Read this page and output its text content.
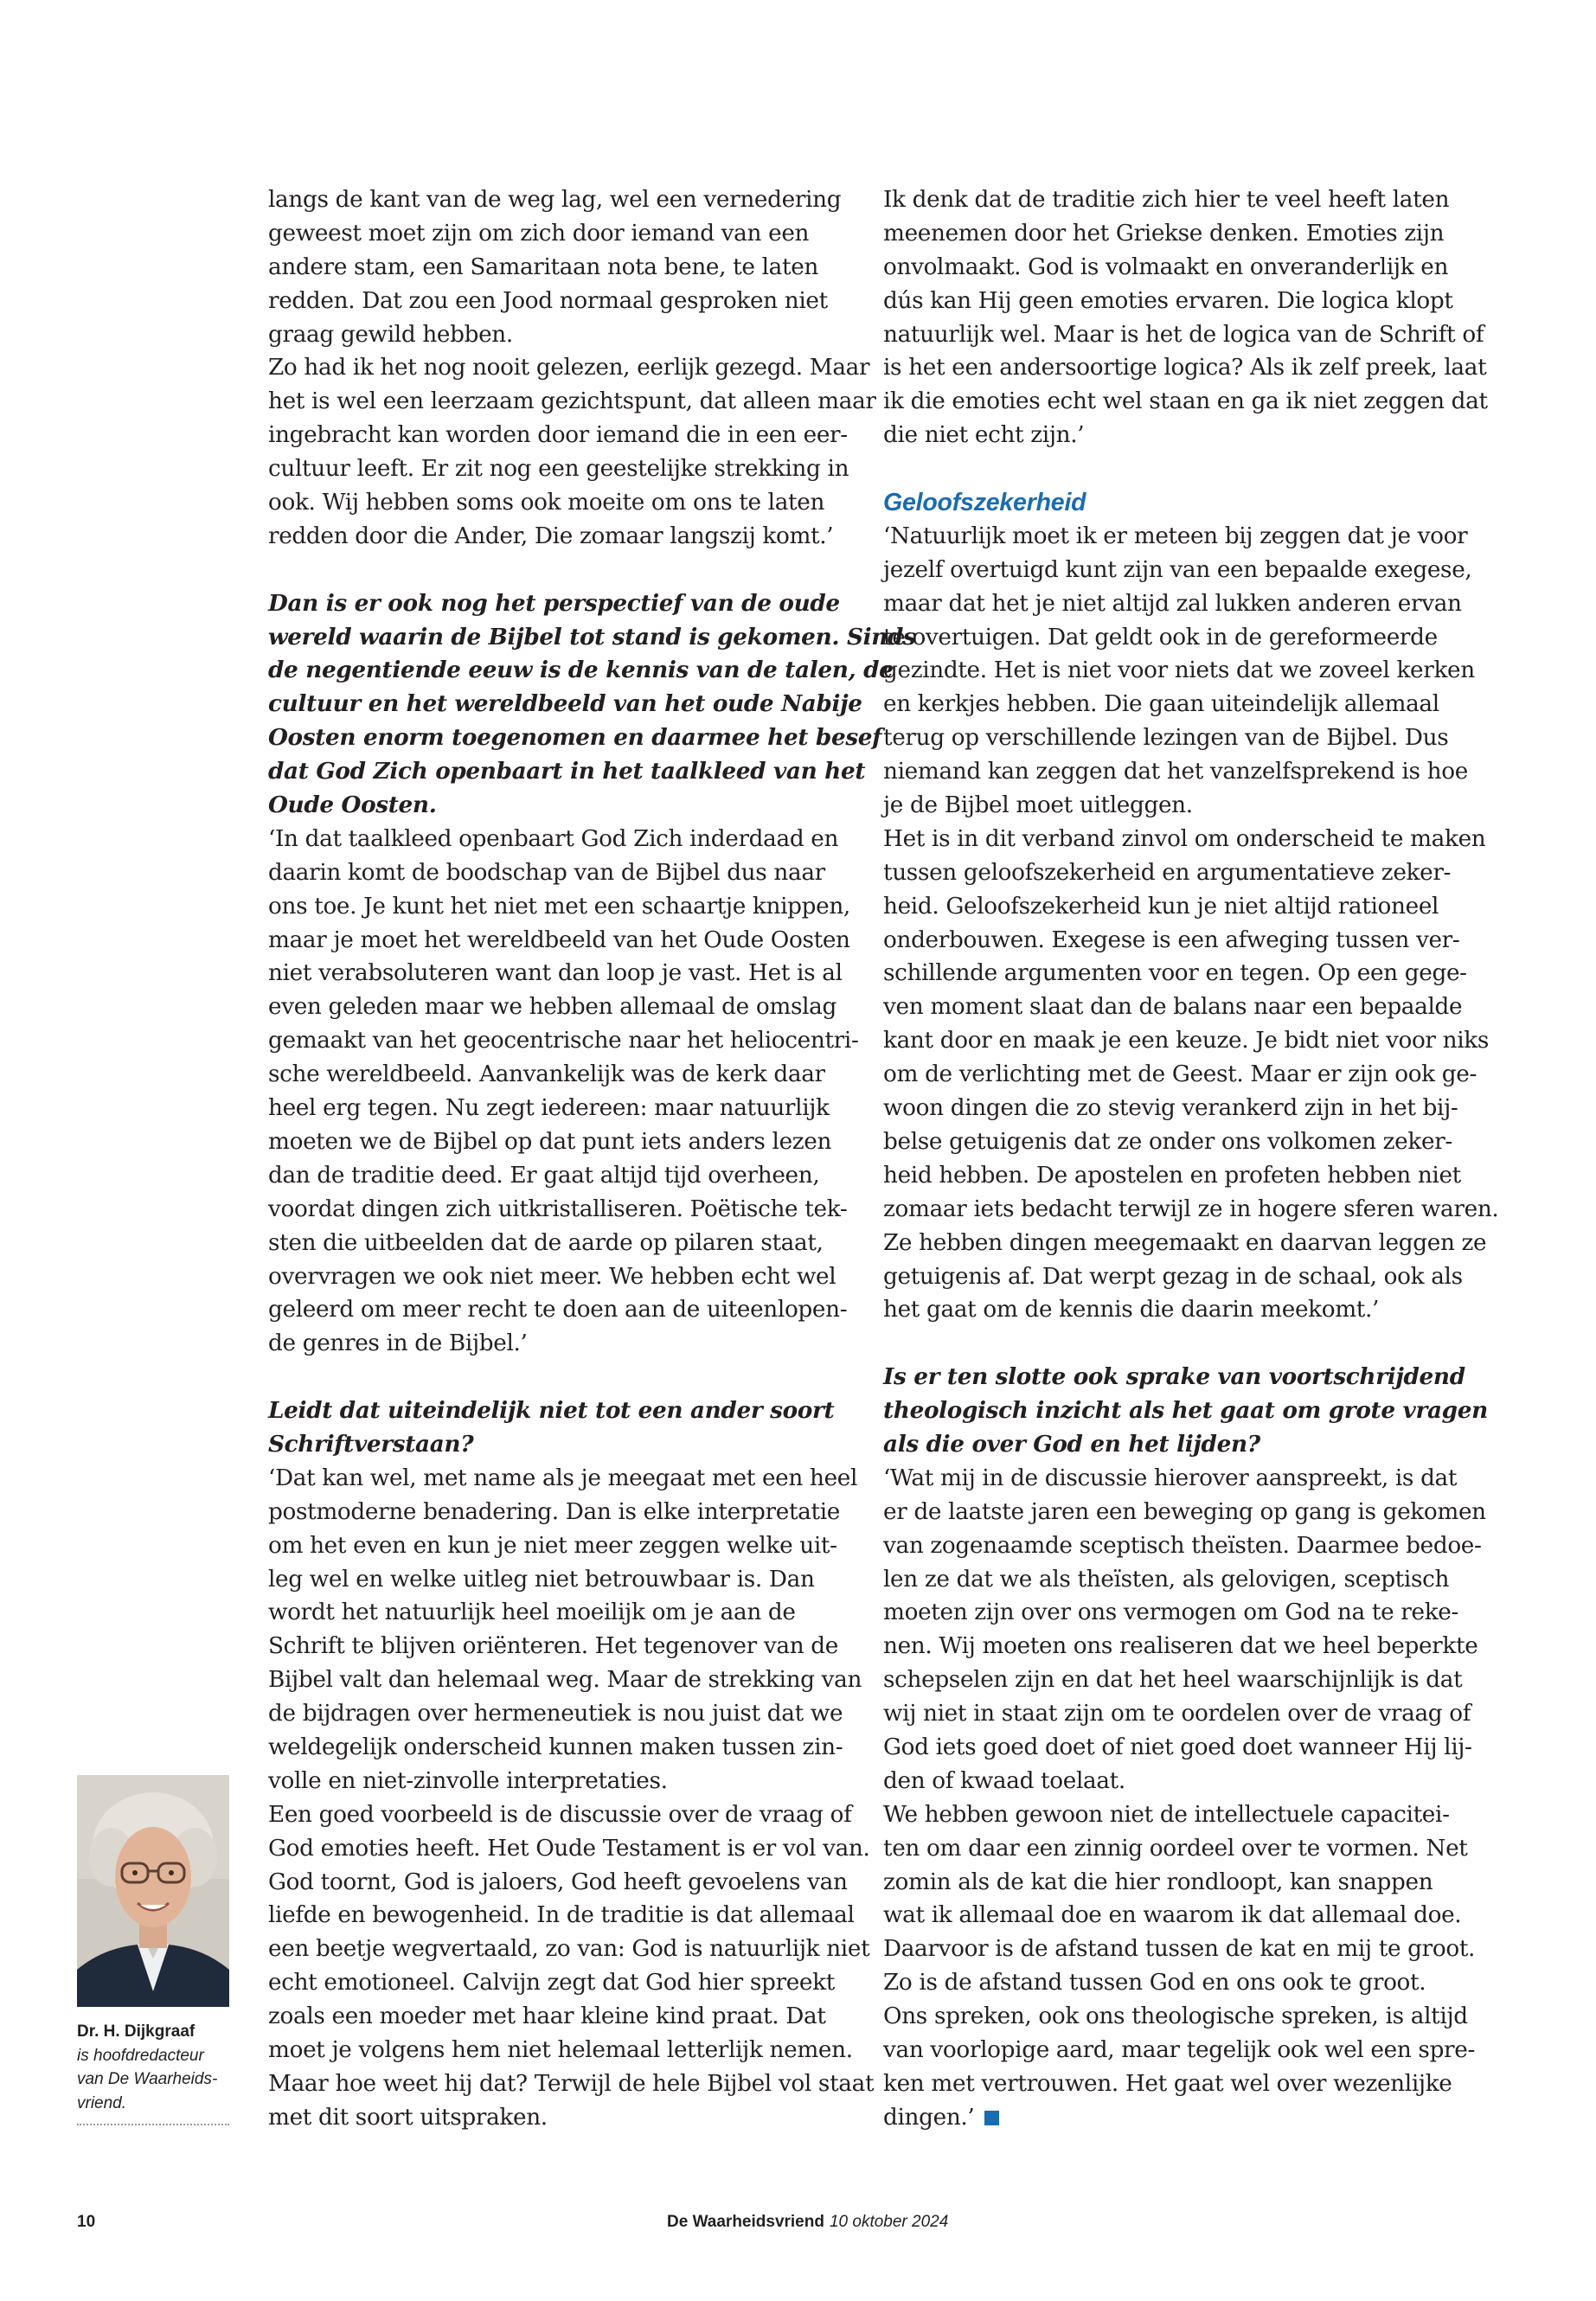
langs de kant van de weg lag, wel een vernedering
geweest moet zijn om zich door iemand van een
andere stam, een Samaritaan nota bene, te laten
redden. Dat zou een Jood normaal gesproken niet
graag gewild hebben.
Zo had ik het nog nooit gelezen, eerlijk gezegd. Maar
het is wel een leerzaam gezichtspunt, dat alleen maar
ingebracht kan worden door iemand die in een eer-
cultuur leeft. Er zit nog een geestelijke strekking in
ook. Wij hebben soms ook moeite om ons te laten
redden door die Ander, Die zomaar langszij komt.’
Dan is er ook nog het perspectief van de oude
wereld waarin de Bijbel tot stand is gekomen. Sinds
de negentiende eeuw is de kennis van de talen, de
cultuur en het wereldbeeld van het oude Nabije
Oosten enorm toegenomen en daarmee het besef
dat God Zich openbaart in het taalkleed van het
Oude Oosten.
‘In dat taalkleed openbaart God Zich inderdaad en
daarin komt de boodschap van de Bijbel dus naar
ons toe. Je kunt het niet met een schaartje knippen,
maar je moet het wereldbeeld van het Oude Oosten
niet verabsoluteren want dan loop je vast. Het is al
even geleden maar we hebben allemaal de omslag
gemaakt van het geocentrische naar het heliocentri-
sche wereldbeeld. Aanvankelijk was de kerk daar
heel erg tegen. Nu zegt iedereen: maar natuurlijk
moeten we de Bijbel op dat punt iets anders lezen
dan de traditie deed. Er gaat altijd tijd overheen,
voordat dingen zich uitkristalliseren. Poëtische tek-
sten die uitbeelden dat de aarde op pilaren staat,
overvragen we ook niet meer. We hebben echt wel
geleerd om meer recht te doen aan de uiteenlopen-
de genres in de Bijbel.’
Leidt dat uiteindelijk niet tot een ander soort
Schriftverstaan?
‘Dat kan wel, met name als je meegaat met een heel
postmoderne benadering. Dan is elke interpretatie
om het even en kun je niet meer zeggen welke uit-
leg wel en welke uitleg niet betrouwbaar is. Dan
wordt het natuurlijk heel moeilijk om je aan de
Schrift te blijven oriënteren. Het tegenover van de
Bijbel valt dan helemaal weg. Maar de strekking van
de bijdragen over hermeneutiek is nou juist dat we
weldegelijk onderscheid kunnen maken tussen zin-
volle en niet-zinvolle interpretaties.
Een goed voorbeeld is de discussie over de vraag of
God emoties heeft. Het Oude Testament is er vol van.
God toornt, God is jaloers, God heeft gevoelens van
liefde en bewogenheid. In de traditie is dat allemaal
een beetje wegvertaald, zo van: God is natuurlijk niet
echt emotioneel. Calvijn zegt dat God hier spreekt
zoals een moeder met haar kleine kind praat. Dat
moet je volgens hem niet helemaal letterlijk nemen.
Maar hoe weet hij dat? Terwijl de hele Bijbel vol staat
met dit soort uitspraken.
Ik denk dat de traditie zich hier te veel heeft laten
meenemen door het Griekse denken. Emoties zijn
onvolmaakt. God is volmaakt en onveranderlijk en
dús kan Hij geen emoties ervaren. Die logica klopt
natuurlijk wel. Maar is het de logica van de Schrift of
is het een andersoortige logica? Als ik zelf preek, laat
ik die emoties echt wel staan en ga ik niet zeggen dat
die niet echt zijn.’
Geloofszekerheid
‘Natuurlijk moet ik er meteen bij zeggen dat je voor
jezelf overtuigd kunt zijn van een bepaalde exegese,
maar dat het je niet altijd zal lukken anderen ervan
te overtuigen. Dat geldt ook in de gereformeerde
gezindte. Het is niet voor niets dat we zoveel kerken
en kerkjes hebben. Die gaan uiteindelijk allemaal
terug op verschillende lezingen van de Bijbel. Dus
niemand kan zeggen dat het vanzelfsprekend is hoe
je de Bijbel moet uitleggen.
Het is in dit verband zinvol om onderscheid te maken
tussen geloofszekerheid en argumentatieve zeker-
heid. Geloofszekerheid kun je niet altijd rationeel
onderbouwen. Exegese is een afweging tussen ver-
schillende argumenten voor en tegen. Op een gege-
ven moment slaat dan de balans naar een bepaalde
kant door en maak je een keuze. Je bidt niet voor niks
om de verlichting met de Geest. Maar er zijn ook ge-
woon dingen die zo stevig verankerd zijn in het bij-
belse getuigenis dat ze onder ons volkomen zeker-
heid hebben. De apostelen en profeten hebben niet
zomaar iets bedacht terwijl ze in hogere sferen waren.
Ze hebben dingen meegemaakt en daarvan leggen ze
getuigenis af. Dat werpt gezag in de schaal, ook als
het gaat om de kennis die daarin meekomt.’
Is er ten slotte ook sprake van voortschrijdend
theologisch inzicht als het gaat om grote vragen
als die over God en het lijden?
‘Wat mij in de discussie hierover aanspreekt, is dat
er de laatste jaren een beweging op gang is gekomen
van zogenaamde sceptisch theïsten. Daarmee bedoe-
len ze dat we als theïsten, als gelovigen, sceptisch
moeten zijn over ons vermogen om God na te reke-
nen. Wij moeten ons realiseren dat we heel beperkte
schepselen zijn en dat het heel waarschijnlijk is dat
wij niet in staat zijn om te oordelen over de vraag of
God iets goed doet of niet goed doet wanneer Hij lij-
den of kwaad toelaat.
We hebben gewoon niet de intellectuele capacitei-
ten om daar een zinnig oordeel over te vormen. Net
zomin als de kat die hier rondloopt, kan snappen
wat ik allemaal doe en waarom ik dat allemaal doe.
Daarvoor is de afstand tussen de kat en mij te groot.
Zo is de afstand tussen God en ons ook te groot.
Ons spreken, ook ons theologische spreken, is altijd
van voorlopige aard, maar tegelijk ook wel een spre-
ken met vertrouwen. Het gaat wel over wezenlijke
dingen.’
Dr. H. Dijkgraaf
is hoofdredacteur
van De Waarheids-
vriend.
10	De Waarheidsvriend 10 oktober 2024
